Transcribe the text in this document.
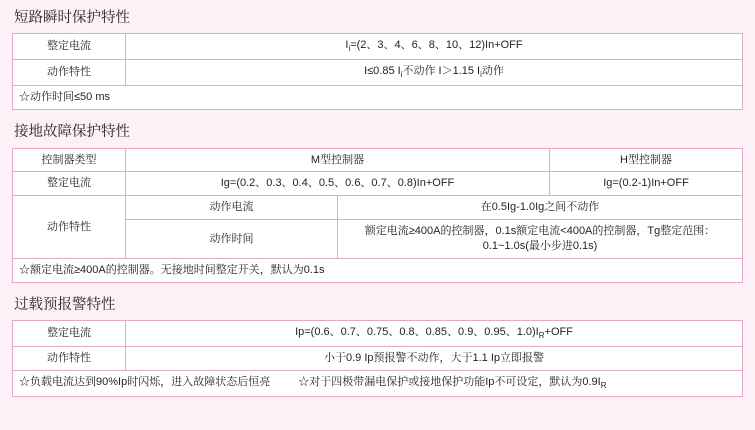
短路瞬时保护特性
整定电流	$I_i=(2$、3、4、6、8、10、12)In+OFF
动作特性	I≤0.85 $I_i$不动作 I＞1.15 $I_i$动作
☆动作时间≤50 ms	
接地故障保护特性
控制器类型	M型控制器		H型控制器
整定电流	Ig=(0.2、0.3、0.4、0.5、0.6、0.7、0.8)In+OFF		Ig=(0.2-1)In+OFF
动作特性	动作电流	在0.5Ig-1.0Ig之间不动作	
	动作时间	额定电流≥400A的控制器，0.1s额定电流<400A的控制器，Tg整定范围：0.1~1.0s(最小步进0.1s)	
☆额定电流≥400A的控制器。无接地时间整定开关，默认为0.1s			
过载预报警特性
整定电流	Ip=(0.6、0.7、0.75、0.8、0.85、0.9、0.95、$1.0)I_R+OFF$
动作特性	小于0.9 Ip预报警不动作，大于1.1 Ip立即报警

☆负载电流达到90%Ip时闪烁，进入故障状态后恒亮 ☆对于四极带漏电保护或接地保护功能Ip不可设定，默认为$0.9I_R$
